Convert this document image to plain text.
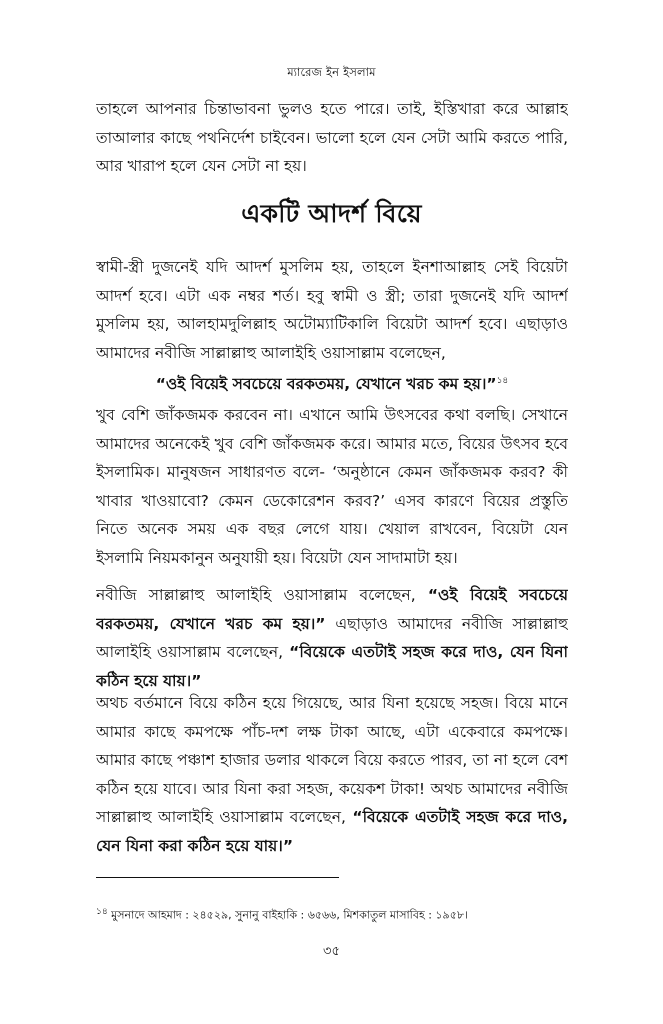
ম্যারেজ ইন ইসলাম
তাহলে আপনার চিন্তাভাবনা ভুলও হতে পারে। তাই, ইস্তিখারা করে আল্লাহ তাআলার কাছে পথনির্দেশ চাইবেন। ভালো হলে যেন সেটা আমি করতে পারি, আর খারাপ হলে যেন সেটা না হয়।
একটি আদর্শ বিয়ে
স্বামী-স্ত্রী দুজনেই যদি আদর্শ মুসলিম হয়, তাহলে ইনশাআল্লাহ সেই বিয়েটা আদর্শ হবে। এটা এক নম্বর শর্ত। হবু স্বামী ও স্ত্রী; তারা দুজনেই যদি আদর্শ মুসলিম হয়, আলহামদুলিল্লাহ অটোম্যাটিকালি বিয়েটা আদর্শ হবে। এছাড়াও আমাদের নবীজি সাল্লাল্লাহু আলাইহি ওয়াসাল্লাম বলেছেন,
“ওই বিয়েই সবচেয়ে বরকতময়, যেখানে খরচ কম হয়।”$^{১৪}$
খুব বেশি জাঁকজমক করবেন না। এখানে আমি উৎসবের কথা বলছি। সেখানে আমাদের অনেকেই খুব বেশি জাঁকজমক করে। আমার মতে, বিয়ের উৎসব হবে ইসলামিক। মানুষজন সাধারণত বলে- ‘অনুষ্ঠানে কেমন জাঁকজমক করব? কী খাবার খাওয়াবো? কেমন ডেকোরেশন করব?’ এসব কারণে বিয়ের প্রস্তুতি নিতে অনেক সময় এক বছর লেগে যায়। খেয়াল রাখবেন, বিয়েটা যেন ইসলামি নিয়মকানুন অনুযায়ী হয়। বিয়েটা যেন সাদামাটা হয়।
নবীজি সাল্লাল্লাহু আলাইহি ওয়াসাল্লাম বলেছেন, “ওই বিয়েই সবচেয়ে বরকতময়, যেখানে খরচ কম হয়।” এছাড়াও আমাদের নবীজি সাল্লাল্লাহু আলাইহি ওয়াসাল্লাম বলেছেন, “বিয়েকে এতটাই সহজ করে দাও, যেন যিনা কঠিন হয়ে যায়।”
অথচ বর্তমানে বিয়ে কঠিন হয়ে গিয়েছে, আর যিনা হয়েছে সহজ। বিয়ে মানে আমার কাছে কমপক্ষে পাঁচ-দশ লক্ষ টাকা আছে, এটা একেবারে কমপক্ষে। আমার কাছে পঞ্চাশ হাজার ডলার থাকলে বিয়ে করতে পারব, তা না হলে বেশ কঠিন হয়ে যাবে। আর যিনা করা সহজ, কয়েকশ টাকা! অথচ আমাদের নবীজি সাল্লাল্লাহু আলাইহি ওয়াসাল্লাম বলেছেন, “বিয়েকে এতটাই সহজ করে দাও, যেন যিনা করা কঠিন হয়ে যায়।”
$^{১৪}$ মুসনাদে আহমাদ : ২৪৫২৯, সুনানু বাইহাকি : ৬৫৬৬, মিশকাতুল মাসাবিহ : ১৯৫৮।
৩৫
